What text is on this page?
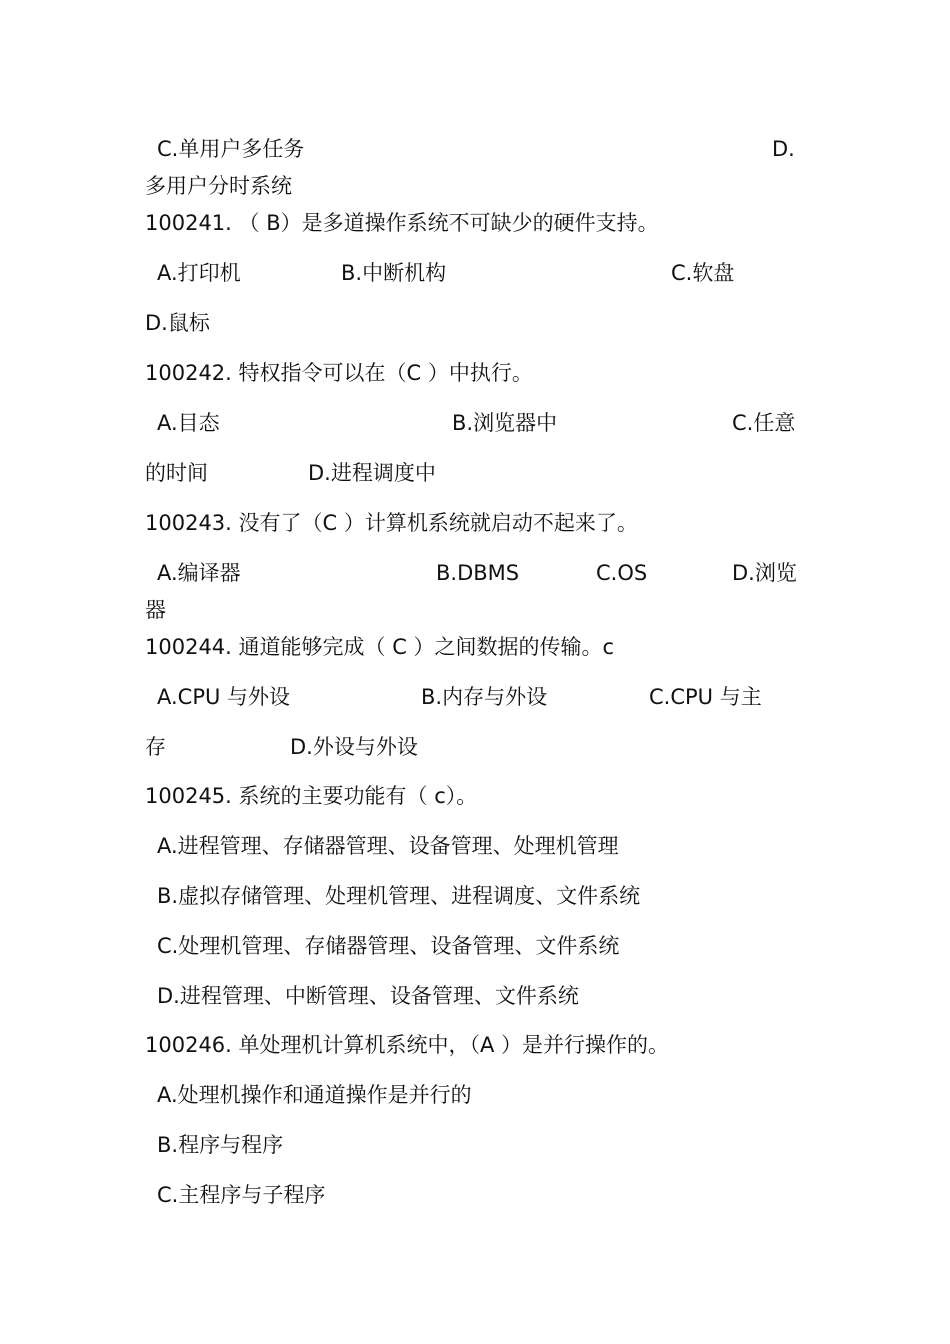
C.单用户多任务	D.
多用户分时系统
100241. （ B）是多道操作系统不可缺少的硬件支持。
A.打印机	B.中断机构	C.软盘
D.鼠标
100242. 特权指令可以在（C ）中执行。
A.目态	B.浏览器中	C.任意
的时间	D.进程调度中
100243. 没有了（C ）计算机系统就启动不起来了。
A.编译器	B.DBMS	C.OS	D.浏览
器
100244. 通道能够完成（ C ）之间数据的传输。c
A.CPU 与外设	B.内存与外设	C.CPU 与主
存	D.外设与外设
100245. 系统的主要功能有（ c）。
A.进程管理、存储器管理、设备管理、处理机管理
B.虚拟存储管理、处理机管理、进程调度、文件系统
C.处理机管理、存储器管理、设备管理、文件系统
D.进程管理、中断管理、设备管理、文件系统
100246. 单处理机计算机系统中，（A ）是并行操作的。
A.处理机操作和通道操作是并行的
B.程序与程序
C.主程序与子程序
